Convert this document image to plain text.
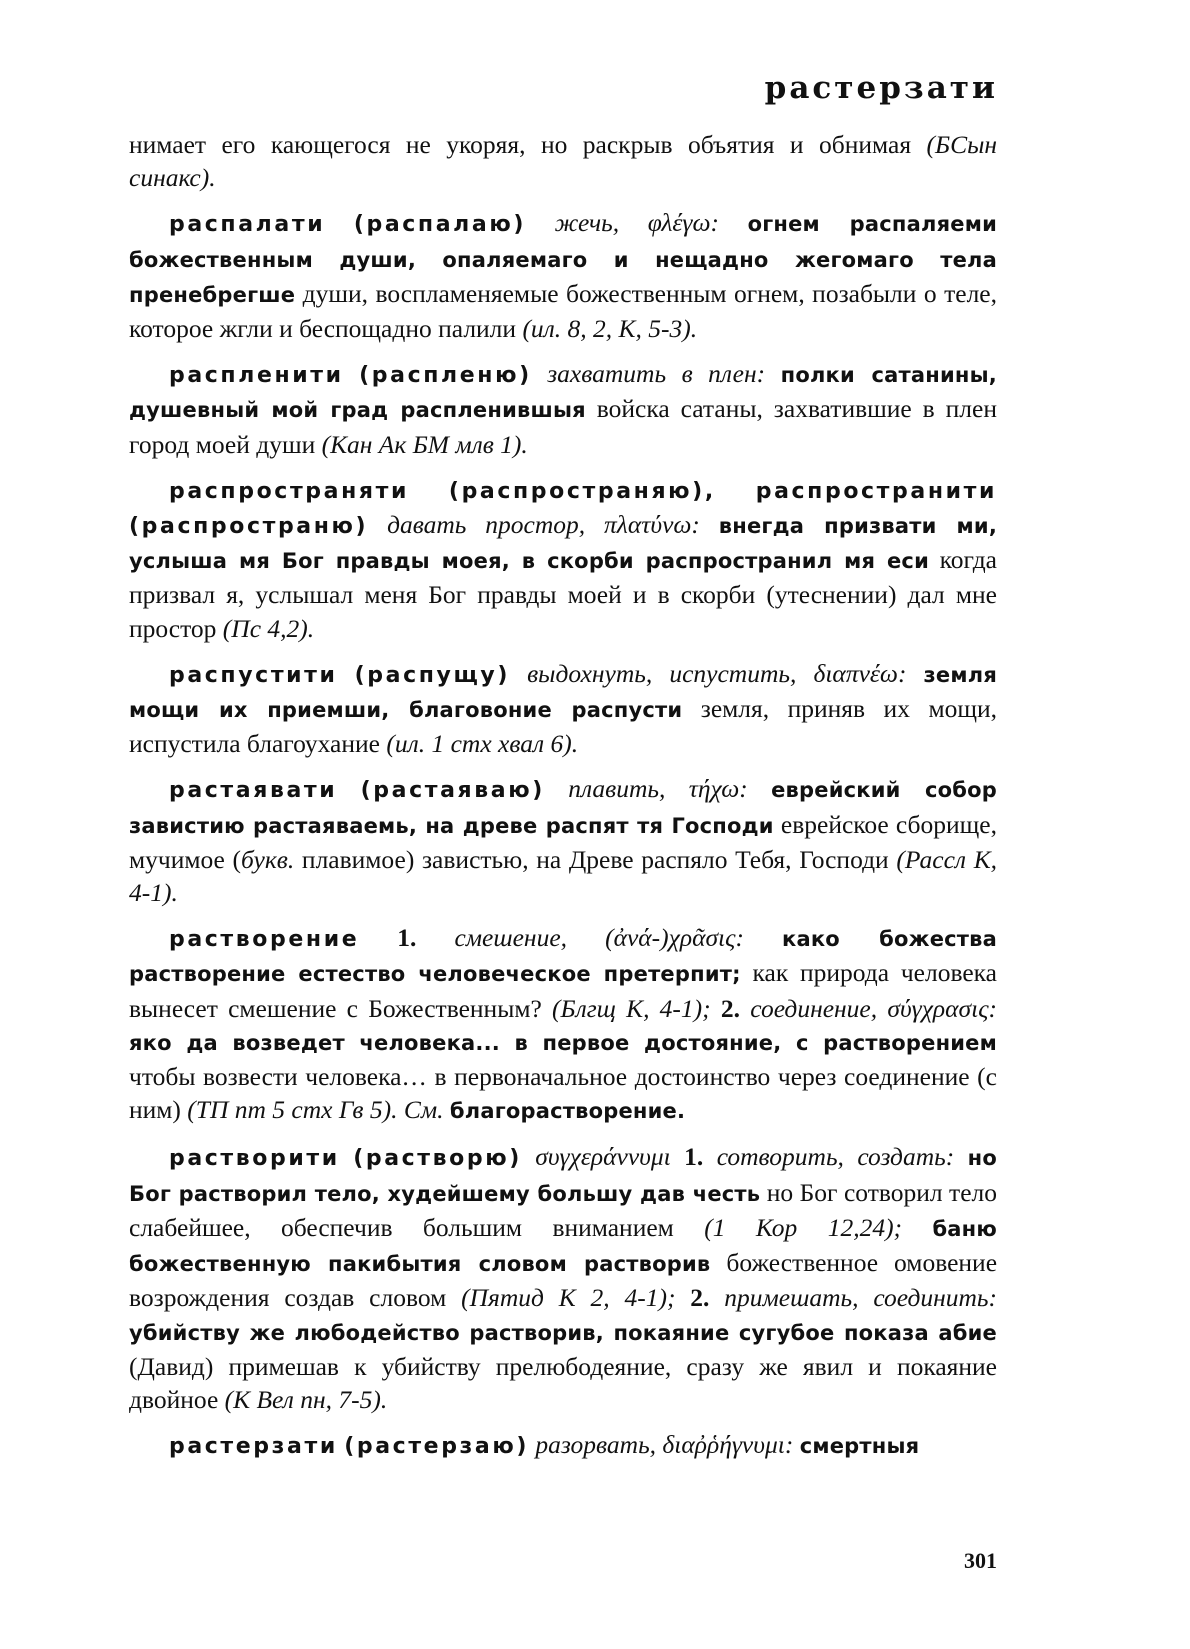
растерзати

нимает его кающегося не укоряя, но раскрыв объятия и обнимая (БСын синакс).

распалати (распалаю) жечь, φλέγω: огнем распаляеми божественным души, опаляемаго и нещадно жегомаго тела пренебрегше души, воспламеняемые божественным огнем, позабыли о теле, которое жгли и беспощадно палили (ил. 8, 2, К, 5-3).

распленити (распленю) захватить в плен: полки сатанины, душевный мой град распленившыя войска сатаны, захватившие в плен город моей души (Кан Ак БМ млв 1).

распространяти (распространяю), распространити (распространю) давать простор, πλατύνω: внегда призвати ми, услыша мя Бог правды моея, в скорби распространил мя еси когда призвал я, услышал меня Бог правды моей и в скорби (утеснении) дал мне простор (Пс 4,2).

распустити (распущу) выдохнуть, испустить, διαπνέω: земля мощи их приемши, благовоние распусти земля, приняв их мощи, испустила благоухание (ил. 1 стх хвал 6).

растаявати (растаяваю) плавить, τήχω: еврейский собор завистию растаяваемь, на древе распят тя Господи еврейское сборище, мучимое (букв. плавимое) завистью, на Древе распяло Тебя, Господи (Рассл К, 4-1).

растворение 1. смешение, (ἀνά-)χρᾶσις: како божества растворение естество человеческое претерпит; как природа человека вынесет смешение с Божественным? (Блгщ К, 4-1); 2. соединение, σύγχρασις: яко да возведет человека... в первое достояние, с растворением чтобы возвести человека… в первоначальное достоинство через соединение (с ним) (ТП пт 5 стх Гв 5). См. благорастворение.

растворити (растворю) συγχεράννυμι 1. сотворить, создать: но Бог растворил тело, худейшему большу дав честь но Бог сотворил тело слабейшее, обеспечив большим вниманием (1 Кор 12,24); баню божественную пакибытия словом растворив божественное омовение возрождения создав словом (Пятид К 2, 4-1); 2. примешать, соединить: убийству же любодейство растворив, покаяние сугубое показа абие (Давид) примешав к убийству прелюбодеяние, сразу же явил и покаяние двойное (К Вел пн, 7-5).

растерзати (растерзаю) разорвать, διαῤῥήγνυμι: смертныя

301
